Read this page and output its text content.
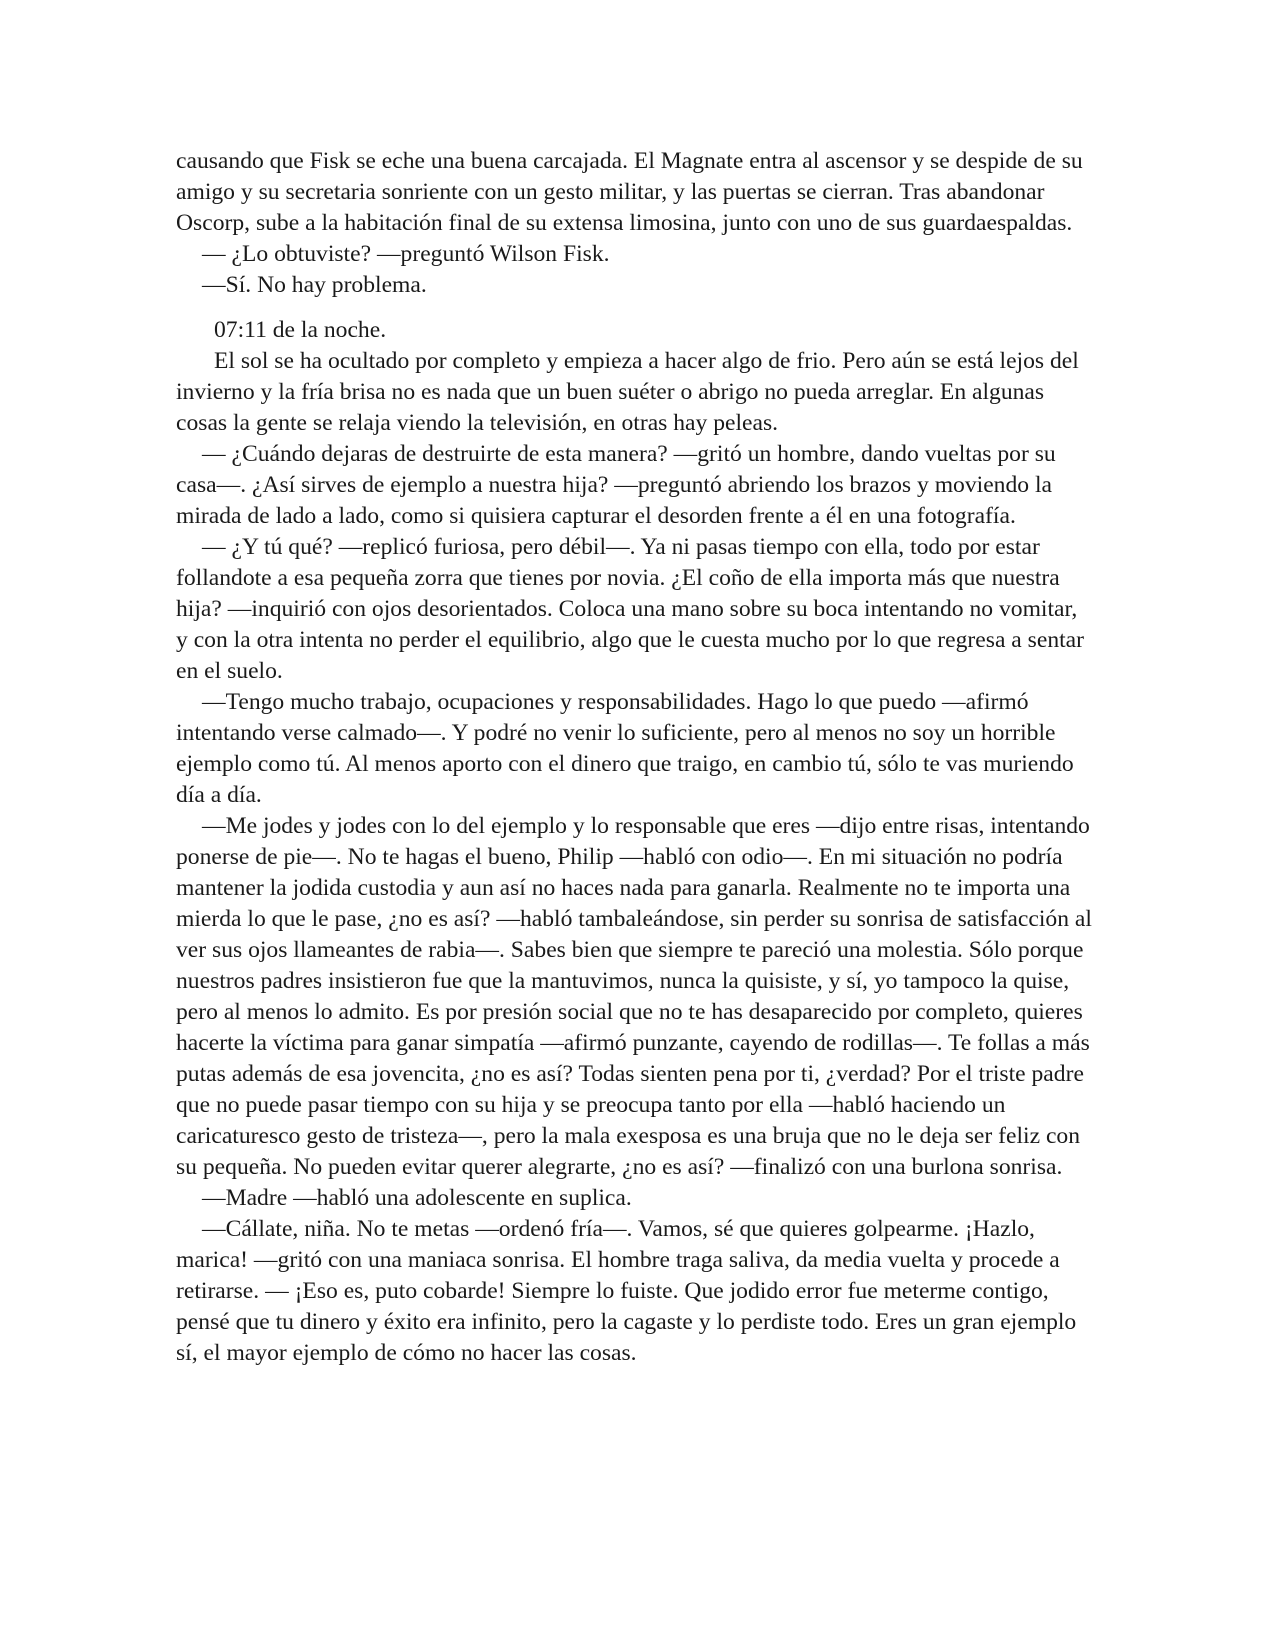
causando que Fisk se eche una buena carcajada. El Magnate entra al ascensor y se despide de su amigo y su secretaria sonriente con un gesto militar, y las puertas se cierran. Tras abandonar Oscorp, sube a la habitación final de su extensa limosina, junto con uno de sus guardaespaldas.

— ¿Lo obtuviste? —preguntó Wilson Fisk.

—Sí. No hay problema.

07:11 de la noche.

El sol se ha ocultado por completo y empieza a hacer algo de frio. Pero aún se está lejos del invierno y la fría brisa no es nada que un buen suéter o abrigo no pueda arreglar. En algunas cosas la gente se relaja viendo la televisión, en otras hay peleas.

— ¿Cuándo dejaras de destruirte de esta manera? —gritó un hombre, dando vueltas por su casa—. ¿Así sirves de ejemplo a nuestra hija? —preguntó abriendo los brazos y moviendo la mirada de lado a lado, como si quisiera capturar el desorden frente a él en una fotografía.

— ¿Y tú qué? —replicó furiosa, pero débil—. Ya ni pasas tiempo con ella, todo por estar follandote a esa pequeña zorra que tienes por novia. ¿El coño de ella importa más que nuestra hija? —inquirió con ojos desorientados. Coloca una mano sobre su boca intentando no vomitar, y con la otra intenta no perder el equilibrio, algo que le cuesta mucho por lo que regresa a sentar en el suelo.

—Tengo mucho trabajo, ocupaciones y responsabilidades. Hago lo que puedo —afirmó intentando verse calmado—. Y podré no venir lo suficiente, pero al menos no soy un horrible ejemplo como tú. Al menos aporto con el dinero que traigo, en cambio tú, sólo te vas muriendo día a día.

—Me jodes y jodes con lo del ejemplo y lo responsable que eres —dijo entre risas, intentando ponerse de pie—. No te hagas el bueno, Philip —habló con odio—. En mi situación no podría mantener la jodida custodia y aun así no haces nada para ganarla. Realmente no te importa una mierda lo que le pase, ¿no es así? —habló tambaleándose, sin perder su sonrisa de satisfacción al ver sus ojos llameantes de rabia—. Sabes bien que siempre te pareció una molestia. Sólo porque nuestros padres insistieron fue que la mantuvimos, nunca la quisiste, y sí, yo tampoco la quise, pero al menos lo admito. Es por presión social que no te has desaparecido por completo, quieres hacerte la víctima para ganar simpatía —afirmó punzante, cayendo de rodillas—. Te follas a más putas además de esa jovencita, ¿no es así? Todas sienten pena por ti, ¿verdad? Por el triste padre que no puede pasar tiempo con su hija y se preocupa tanto por ella —habló haciendo un caricaturesco gesto de tristeza—, pero la mala exesposa es una bruja que no le deja ser feliz con su pequeña. No pueden evitar querer alegrarte, ¿no es así? —finalizó con una burlona sonrisa.

—Madre —habló una adolescente en suplica.

—Cállate, niña. No te metas —ordenó fría—. Vamos, sé que quieres golpearme. ¡Hazlo, marica! —gritó con una maniaca sonrisa. El hombre traga saliva, da media vuelta y procede a retirarse. — ¡Eso es, puto cobarde! Siempre lo fuiste. Que jodido error fue meterme contigo, pensé que tu dinero y éxito era infinito, pero la cagaste y lo perdiste todo. Eres un gran ejemplo sí, el mayor ejemplo de cómo no hacer las cosas.
